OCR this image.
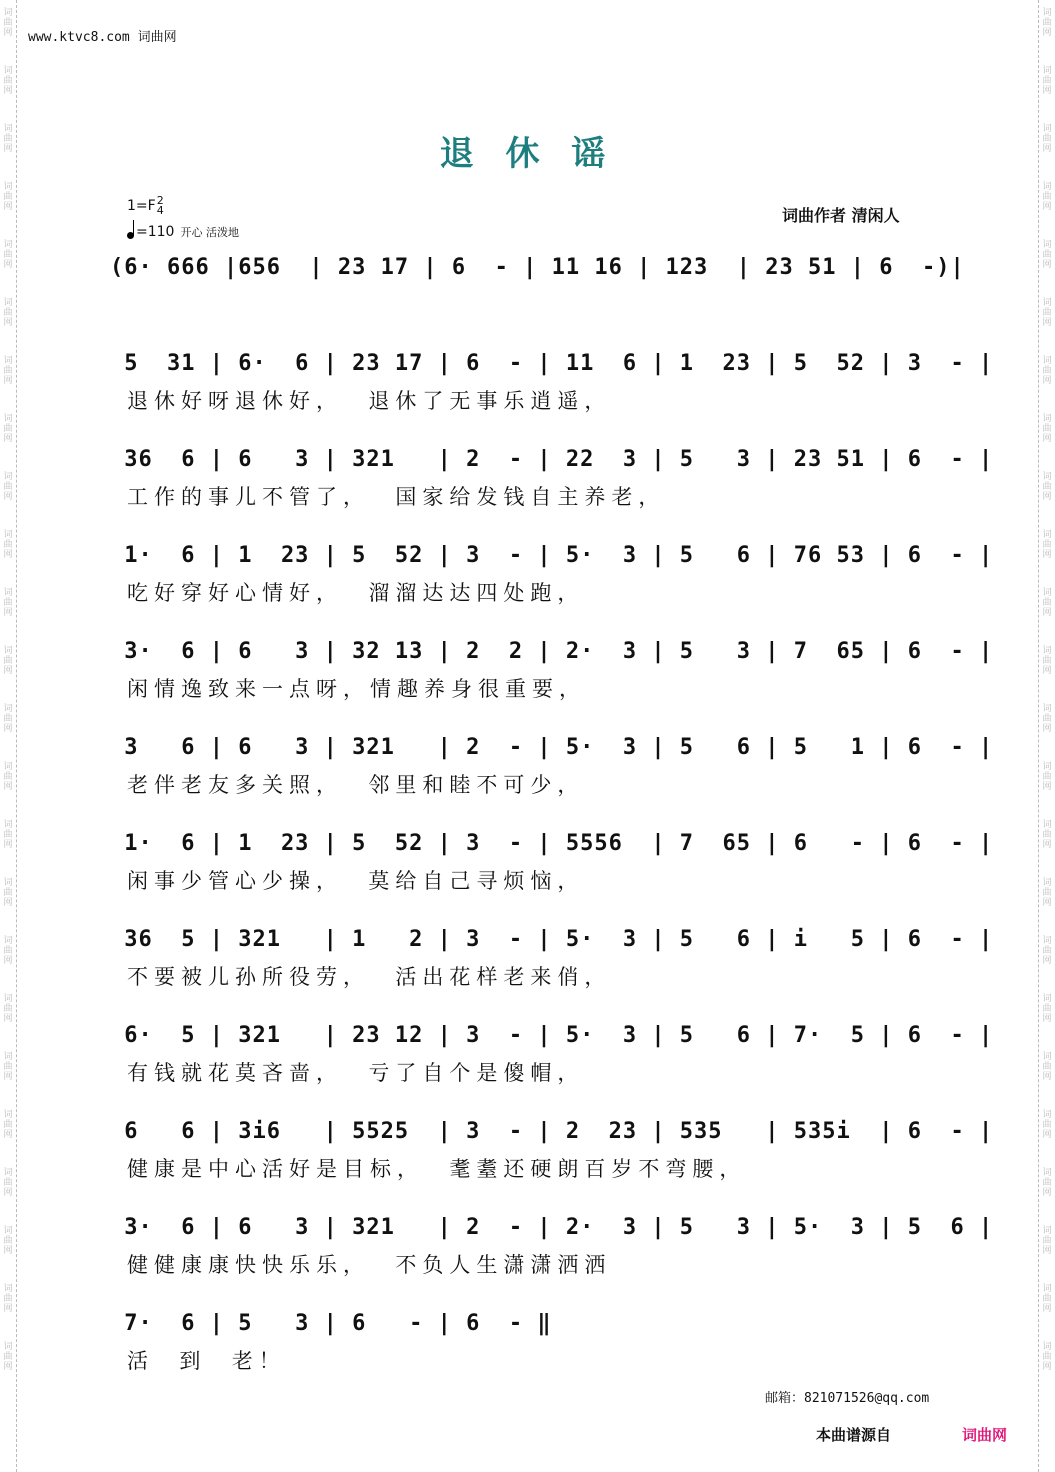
词
曲
网
词
曲
网
词
曲
网
词
曲
网
词
曲
网
词
曲
网
词
曲
网
词
曲
网
词
曲
网
词
曲
网
词
曲
网
词
曲
网
词
曲
网
词
曲
网
词
曲
网
词
曲
网
词
曲
网
词
曲
网
词
曲
网
词
曲
网
词
曲
网
词
曲
网
词
曲
网
词
曲
网
词
曲
网
词
曲
网
词
曲
网
词
曲
网
词
曲
网
词
曲
网
词
曲
网
词
曲
网
词
曲
网
词
曲
网
词
曲
网
词
曲
网
词
曲
网
词
曲
网
词
曲
网
词
曲
网
词
曲
网
词
曲
网
词
曲
网
词
曲
网
词
曲
网
词
曲
网
词
曲
网
词
曲
网
www.ktvc8.com 词曲网
退 休 谣
1=F2
4
=110 开心 活泼地
词曲作者 清闲人
(6· 666 |656  | 23 17 | 6  - | 11 16 | 123  | 23 51 | 6  -)|
5  31 | 6·  6 | 23 17 | 6  - | 11  6 | 1  23 | 5  52 | 3  - |
退休好呀退休好，  退休了无事乐逍遥，
36  6 | 6   3 | 321   | 2  - | 22  3 | 5   3 | 23 51 | 6  - |
工作的事儿不管了，  国家给发钱自主养老，
1·  6 | 1  23 | 5  52 | 3  - | 5·  3 | 5   6 | 76 53 | 6  - |
吃好穿好心情好，  溜溜达达四处跑，
3·  6 | 6   3 | 32 13 | 2  2 | 2·  3 | 5   3 | 7  65 | 6  - |
闲情逸致来一点呀，情趣养身很重要，
3   6 | 6   3 | 321   | 2  - | 5·  3 | 5   6 | 5   1 | 6  - |
老伴老友多关照，  邻里和睦不可少，
1·  6 | 1  23 | 5  52 | 3  - | 5556  | 7  65 | 6   - | 6  - |
闲事少管心少操，  莫给自己寻烦恼，
36  5 | 321   | 1   2 | 3  - | 5·  3 | 5   6 | i   5 | 6  - |
不要被儿孙所役劳，  活出花样老来俏，
6·  5 | 321   | 23 12 | 3  - | 5·  3 | 5   6 | 7·  5 | 6  - |
有钱就花莫吝啬，  亏了自个是傻帽，
6   6 | 3i6   | 5525  | 3  - | 2  23 | 535   | 535i  | 6  - |
健康是中心活好是目标，  耄耋还硬朗百岁不弯腰，
3·  6 | 6   3 | 321   | 2  - | 2·  3 | 5   3 | 5·  3 | 5  6 |
健健康康快快乐乐，  不负人生潇潇洒洒
7·  6 | 5   3 | 6   - | 6  - ‖
活  到  老！
邮箱：821071526@qq.com
本曲谱源自	词曲网
